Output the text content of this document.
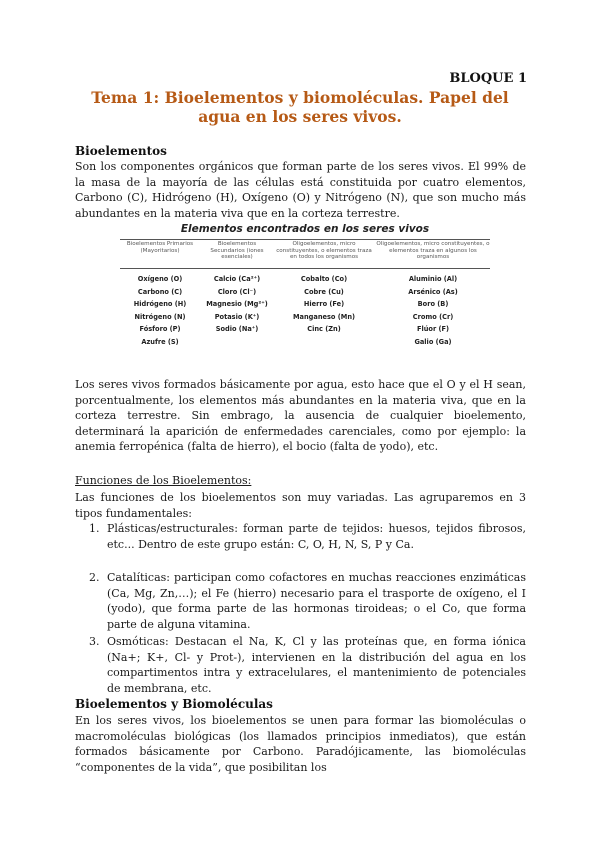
BLOQUE 1
Tema 1: Bioelementos y biomoléculas. Papel del agua en los seres vivos.
Bioelementos
Son los componentes orgánicos que forman parte de los seres vivos. El 99% de la masa de la mayoría de las células está constituida por cuatro elementos, Carbono (C), Hidrógeno (H), Oxígeno (O) y Nitrógeno (N), que son mucho más abundantes en la materia viva que en la corteza terrestre.
Elementos encontrados en los seres vivos
Bioelementos Primarios (Mayoritarios)
Oxígeno (O)
Carbono (C)
Hidrógeno (H)
Nitrógeno (N)
Fósforo (P)
Azufre (S)
Bioelementos Secundarios (iones esenciales)
Calcio (Ca²⁺)
Cloro (Cl⁻)
Magnesio (Mg²⁺)
Potasio (K⁺)
Sodio (Na⁺)
Oligoelementos, micro constituyentes, o elementos traza en todos los organismos
Cobalto (Co)
Cobre (Cu)
Hierro (Fe)
Manganeso (Mn)
Cinc (Zn)
Oligoelementos, micro constituyentes, o elementos traza en algunos los organismos
Aluminio (Al)
Arsénico (As)
Boro (B)
Cromo (Cr)
Flúor (F)
Galio (Ga)
Los seres vivos formados básicamente por agua, esto hace que el O y el H sean, porcentualmente, los elementos más abundantes en la materia viva, que en la corteza terrestre. Sin embrago, la ausencia de cualquier bioelemento, determinará la aparición de enfermedades carenciales, como por ejemplo: la anemia ferropénica (falta de hierro), el bocio (falta de yodo), etc.
Funciones de los Bioelementos:
Las funciones de los bioelementos son muy variadas. Las agruparemos en 3 tipos fundamentales:
1. Plásticas/estructurales: forman parte de tejidos: huesos, tejidos fibrosos, etc... Dentro de este grupo están: C, O, H, N, S, P y Ca.
2. Catalíticas: participan como cofactores en muchas reacciones enzimáticas (Ca, Mg, Zn,…); el Fe (hierro) necesario para el trasporte de oxígeno, el I (yodo), que forma parte de las hormonas tiroideas; o el Co, que forma parte de alguna vitamina.
3. Osmóticas: Destacan el Na, K, Cl y las proteínas que, en forma iónica (Na+; K+, Cl- y Prot-), intervienen en la distribución del agua en los compartimentos intra y extracelulares, el mantenimiento de potenciales de membrana, etc.
Bioelementos y Biomoléculas
En los seres vivos, los bioelementos se unen para formar las biomoléculas o macromoléculas biológicas (los llamados principios inmediatos), que están formados básicamente por Carbono. Paradójicamente, las biomoléculas “componentes de la vida”, que posibilitan los
